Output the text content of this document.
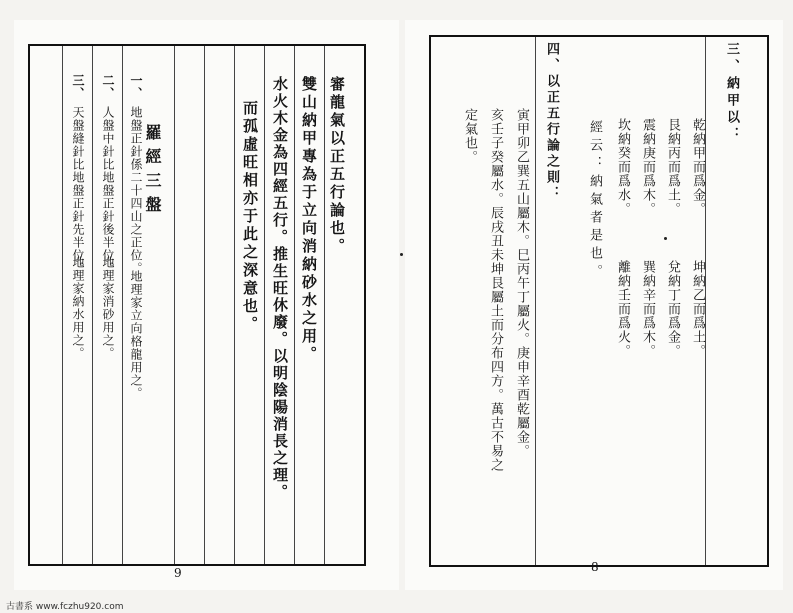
審龍氣以正五行論也。
雙山納甲專為于立向消納砂水之用。
水火木金為四經五行。推生旺休廢。以明陰陽消長之理。
而孤虛旺相亦于此之深意也。
羅經三盤
一、
地盤正針係二十四山之正位。
地理家立向格龍用之。
二、
人盤中針比地盤正針後半位。
地理家消砂用之。
三、
天盤縫針比地盤正針先半位。
地理家納水用之。
9
三、納甲以：
乾納甲而爲金。
坤納乙而爲土。
艮納丙而爲土。
兌納丁而爲金。
震納庚而爲木。
巽納辛而爲木。
坎納癸而爲水。
離納壬而爲火。
經云：納氣者是也。
四、以正五行論之則：
寅甲卯乙巽五山屬木。巳丙午丁屬火。庚申辛酉乾屬金。
亥壬子癸屬水。辰戌丑未坤艮屬土而分布四方。萬古不易之
定氣也。
8
古書系 www.fczhu920.com
